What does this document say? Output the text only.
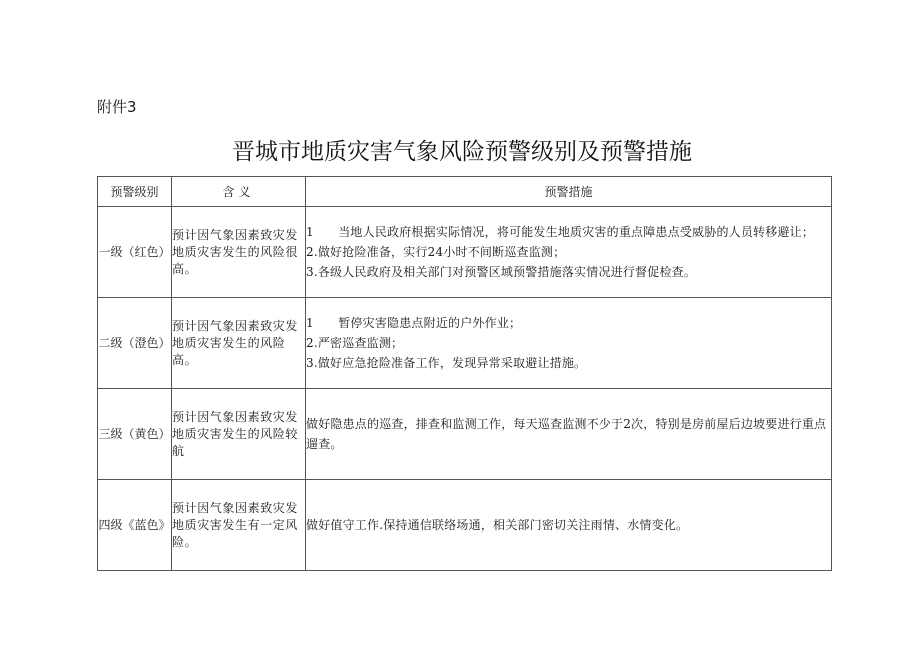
附件3
晋城市地质灾害气象风险预警级别及预警措施
预警级别	含义	预警措施
一级（红色）	预计因气象因素致灾发地质灾害发生的风险很高。	1　　当地人民政府根据实际情况，将可能发生地质灾害的重点障患点受威胁的人员转移避让；
2.做好抢险准备，实行24小时不间断巡查监测；
3.各级人民政府及相关部门对预警区域预警措施落实情况进行督促检查。

二级（澄色）	预计因气象因素致灾发地质灾害发生的风险高。	1　　暂停灾害隐患点附近的户外作业；
2.严密巡查监测；
3.做好应急抢险准备工作，发现异常采取避让措施。

三级（黄色）	预计因气象因素致灾发地质灾害发生的风险较航	做好隐患点的巡查，排查和监测工作，每天巡查监测不少于2次，特别是房前屋后边坡要进行重点遛查。

四级《蓝色》	预计因气象因素致灾发地质灾害发生有一定风险。	做好值守工作.保持通信联络场通，相关部门密切关注雨情、水情变化。
